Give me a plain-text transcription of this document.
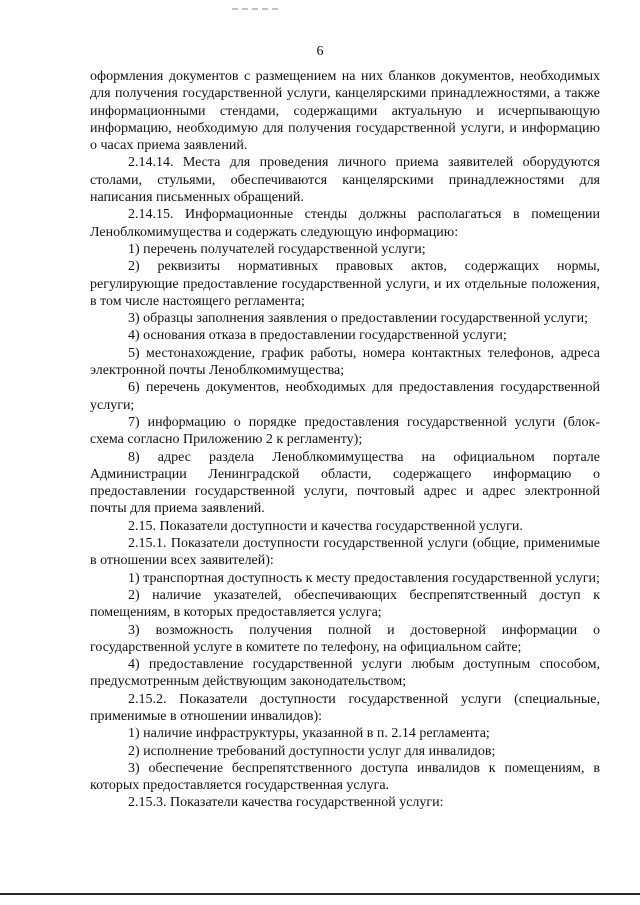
6

оформления документов с размещением на них бланков документов, необходимых для получения государственной услуги, канцелярскими принадлежностями, а также информационными стендами, содержащими актуальную и исчерпывающую информацию, необходимую для получения государственной услуги, и информацию о часах приема заявлений.

2.14.14. Места для проведения личного приема заявителей оборудуются столами, стульями, обеспечиваются канцелярскими принадлежностями для написания письменных обращений.

2.14.15. Информационные стенды должны располагаться в помещении Леноблкомимущества и содержать следующую информацию:

1) перечень получателей государственной услуги;

2) реквизиты нормативных правовых актов, содержащих нормы, регулирующие предоставление государственной услуги, и их отдельные положения, в том числе настоящего регламента;

3) образцы заполнения заявления о предоставлении государственной услуги;

4) основания отказа в предоставлении государственной услуги;

5) местонахождение, график работы, номера контактных телефонов, адреса электронной почты Леноблкомимущества;

6) перечень документов, необходимых для предоставления государственной услуги;

7) информацию о порядке предоставления государственной услуги (блок-схема согласно Приложению 2 к регламенту);

8) адрес раздела Леноблкомимущества на официальном портале Администрации Ленинградской области, содержащего информацию о предоставлении государственной услуги, почтовый адрес и адрес электронной почты для приема заявлений.

2.15. Показатели доступности и качества государственной услуги.

2.15.1. Показатели доступности государственной услуги (общие, применимые в отношении всех заявителей):

1) транспортная доступность к месту предоставления государственной услуги;

2) наличие указателей, обеспечивающих беспрепятственный доступ к помещениям, в которых предоставляется услуга;

3) возможность получения полной и достоверной информации о государственной услуге в комитете по телефону, на официальном сайте;

4) предоставление государственной услуги любым доступным способом, предусмотренным действующим законодательством;

2.15.2. Показатели доступности государственной услуги (специальные, применимые в отношении инвалидов):

1) наличие инфраструктуры, указанной в п. 2.14 регламента;

2) исполнение требований доступности услуг для инвалидов;

3) обеспечение беспрепятственного доступа инвалидов к помещениям, в которых предоставляется государственная услуга.

2.15.3. Показатели качества государственной услуги:
